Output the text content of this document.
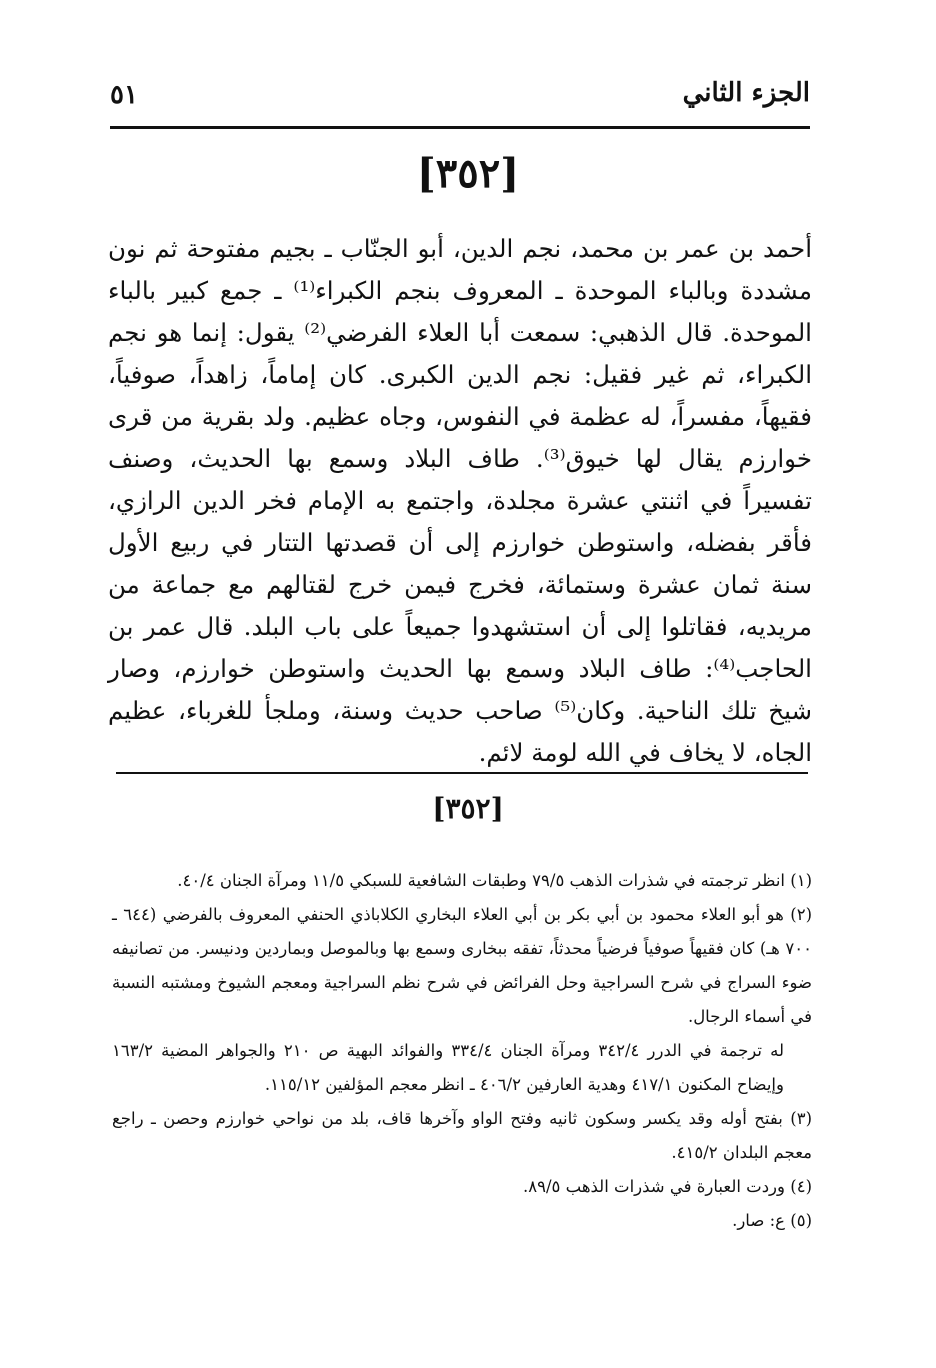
٥١	الجزء الثاني
[٣٥٢]
أحمد بن عمر بن محمد، نجم الدين، أبو الجنّاب ـ بجيم مفتوحة ثم نون مشددة وبالباء الموحدة ـ المعروف بنجم الكبراء⁽¹⁾ ـ جمع كبير بالباء الموحدة. قال الذهبي: سمعت أبا العلاء الفرضي⁽²⁾ يقول: إنما هو نجم الكبراء، ثم غير فقيل: نجم الدين الكبرى. كان إماماً، زاهداً، صوفياً، فقيهاً، مفسراً، له عظمة في النفوس، وجاه عظيم. ولد بقرية من قرى خوارزم يقال لها خيوق⁽³⁾. طاف البلاد وسمع بها الحديث، وصنف تفسيراً في اثنتي عشرة مجلدة، واجتمع به الإمام فخر الدين الرازي، فأقر بفضله، واستوطن خوارزم إلى أن قصدتها التتار في ربيع الأول سنة ثمان عشرة وستمائة، فخرج فيمن خرج لقتالهم مع جماعة من مريديه، فقاتلوا إلى أن استشهدوا جميعاً على باب البلد. قال عمر بن الحاجب⁽⁴⁾: طاف البلاد وسمع بها الحديث واستوطن خوارزم، وصار شيخ تلك الناحية. وكان⁽⁵⁾ صاحب حديث وسنة، وملجأ للغرباء، عظيم الجاه، لا يخاف في الله لومة لائم.
[٣٥٢]

(١) انظر ترجمته في شذرات الذهب ٧٩/٥ وطبقات الشافعية للسبكي ١١/٥ ومرآة الجنان ٤٠/٤.

(٢) هو أبو العلاء محمود بن أبي بكر بن أبي العلاء البخاري الكلاباذي الحنفي المعروف بالفرضي (٦٤٤ ـ ٧٠٠ هـ) كان فقيهاً صوفياً فرضياً محدثاً، تفقه ببخارى وسمع بها وبالموصل وبماردين ودنيسر. من تصانيفه ضوء السراج في شرح السراجية وحل الفرائض في شرح نظم السراجية ومعجم الشيوخ ومشتبه النسبة في أسماء الرجال.

له ترجمة في الدرر ٣٤٢/٤ ومرآة الجنان ٣٣٤/٤ والفوائد البهية ص ٢١٠ والجواهر المضية ١٦٣/٢ وإيضاح المكنون ٤١٧/١ وهدية العارفين ٤٠٦/٢ ـ انظر معجم المؤلفين ١١٥/١٢.

(٣) بفتح أوله وقد يكسر وسكون ثانيه وفتح الواو وآخرها قاف، بلد من نواحي خوارزم وحصن ـ راجع معجم البلدان ٤١٥/٢.

(٤) وردت العبارة في شذرات الذهب ٨٩/٥.

(٥) ع: صار.
